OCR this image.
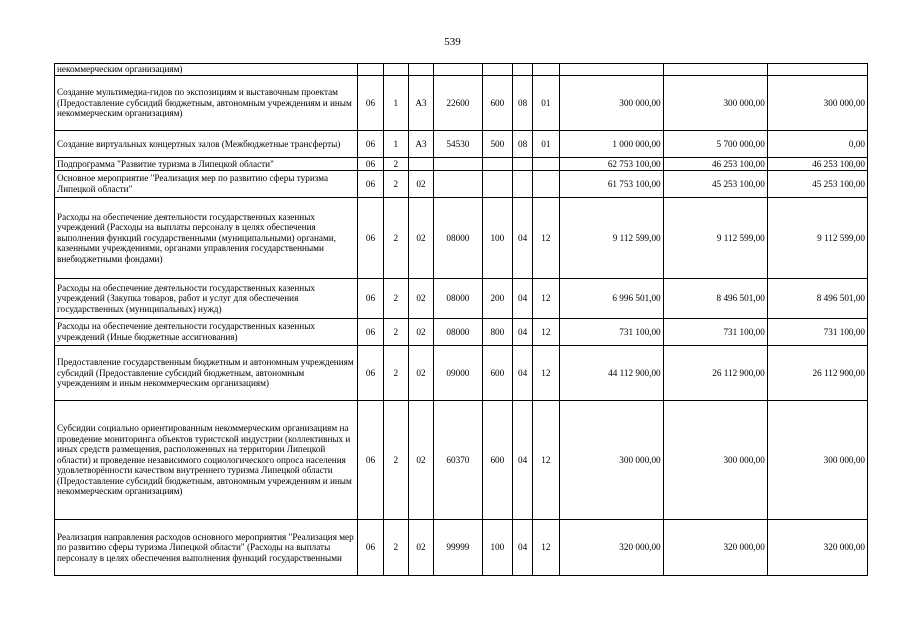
539
некоммерческим организациям)										
Создание мультимедиа-гидов по экспозициям и выставочным проектам (Предоставление субсидий бюджетным, автономным учреждениям и иным некоммерческим организациям)	06	1	А3	22600	600	08	01	300 000,00	300 000,00	300 000,00
Создание виртуальных концертных залов (Межбюджетные трансферты)	06	1	А3	54530	500	08	01	1 000 000,00	5 700 000,00	0,00
Подпрограмма "Развитие туризма в Липецкой области"	06	2						62 753 100,00	46 253 100,00	46 253 100,00
Основное мероприятие "Реализация мер по развитию сферы туризма Липецкой области"	06	2	02					61 753 100,00	45 253 100,00	45 253 100,00
Расходы на обеспечение деятельности государственных казенных учреждений (Расходы на выплаты персоналу в целях обеспечения выполнения функций государственными (муниципальными) органами, казенными учреждениями, органами управления государственными внебюджетными фондами)	06	2	02	08000	100	04	12	9 112 599,00	9 112 599,00	9 112 599,00
Расходы на обеспечение деятельности государственных казенных учреждений (Закупка товаров, работ и услуг для обеспечения государственных (муниципальных) нужд)	06	2	02	08000	200	04	12	6 996 501,00	8 496 501,00	8 496 501,00
Расходы на обеспечение деятельности государственных казенных учреждений (Иные бюджетные ассигнования)	06	2	02	08000	800	04	12	731 100,00	731 100,00	731 100,00
Предоставление государственным бюджетным и автономным учреждениям субсидий (Предоставление субсидий бюджетным, автономным учреждениям и иным некоммерческим организациям)	06	2	02	09000	600	04	12	44 112 900,00	26 112 900,00	26 112 900,00
Субсидии социально ориентированным некоммерческим организациям на проведение мониторинга объектов туристской индустрии (коллективных и иных средств размещения, расположенных на территории Липецкой области) и проведение независимого социологического опроса населения удовлетворённости качеством внутреннего туризма Липецкой области (Предоставление субсидий бюджетным, автономным учреждениям и иным некоммерческим организациям)	06	2	02	60370	600	04	12	300 000,00	300 000,00	300 000,00
Реализация направления расходов основного мероприятия "Реализация мер по развитию сферы туризма Липецкой области" (Расходы на выплаты персоналу в целях обеспечения выполнения функций государственными	06	2	02	99999	100	04	12	320 000,00	320 000,00	320 000,00
